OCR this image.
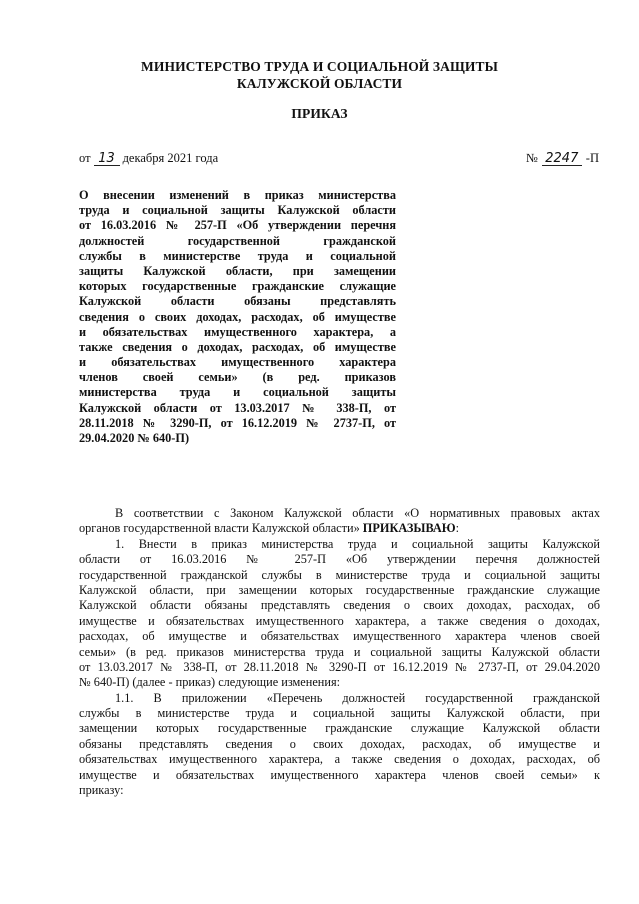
МИНИСТЕРСТВО ТРУДА И СОЦИАЛЬНОЙ ЗАЩИТЫ
КАЛУЖСКОЙ ОБЛАСТИ
ПРИКАЗ
от 13 декабря 2021 года	№ 2247 -П
О внесении изменений в приказ министерства
труда и социальной защиты Калужской области
от 16.03.2016 № 257-П «Об утверждении перечня
должностей государственной гражданской
службы в министерстве труда и социальной
защиты Калужской области, при замещении
которых государственные гражданские служащие
Калужской области обязаны представлять
сведения о своих доходах, расходах, об имуществе
и обязательствах имущественного характера, а
также сведения о доходах, расходах, об имуществе
и обязательствах имущественного характера
членов своей семьи» (в ред. приказов
министерства труда и социальной защиты
Калужской области от 13.03.2017 № 338-П, от
28.11.2018 № 3290-П, от 16.12.2019 № 2737-П, от
29.04.2020 № 640-П)
В соответствии с Законом Калужской области «О нормативных правовых актах
органов государственной власти Калужской области» ПРИКАЗЫВАЮ:
1. Внести в приказ министерства труда и социальной защиты Калужской
области от 16.03.2016 № 257-П «Об утверждении перечня должностей
государственной гражданской службы в министерстве труда и социальной защиты
Калужской области, при замещении которых государственные гражданские служащие
Калужской области обязаны представлять сведения о своих доходах, расходах, об
имуществе и обязательствах имущественного характера, а также сведения о доходах,
расходах, об имуществе и обязательствах имущественного характера членов своей
семьи» (в ред. приказов министерства труда и социальной защиты Калужской области
от 13.03.2017 № 338-П, от 28.11.2018 № 3290-П от 16.12.2019 № 2737-П, от 29.04.2020
№ 640-П) (далее - приказ) следующие изменения:
1.1. В приложении «Перечень должностей государственной гражданской
службы в министерстве труда и социальной защиты Калужской области, при
замещении которых государственные гражданские служащие Калужской области
обязаны представлять сведения о своих доходах, расходах, об имуществе и
обязательствах имущественного характера, а также сведения о доходах, расходах, об
имуществе и обязательствах имущественного характера членов своей семьи» к
приказу:
